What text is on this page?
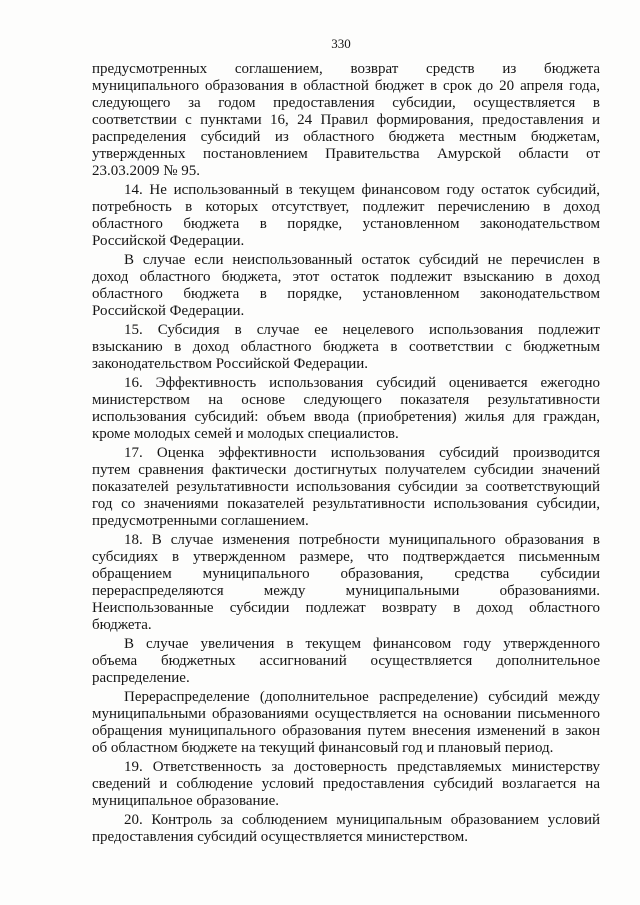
330
предусмотренных соглашением, возврат средств из бюджета
муниципального образования в областной бюджет в срок до 20 апреля года,
следующего за годом предоставления субсидии, осуществляется в
соответствии с пунктами 16, 24 Правил формирования, предоставления и
распределения субсидий из областного бюджета местным бюджетам,
утвержденных постановлением Правительства Амурской области от
23.03.2009 № 95.
14. Не использованный в текущем финансовом году остаток субсидий,
потребность в которых отсутствует, подлежит перечислению в доход
областного бюджета в порядке, установленном законодательством
Российской Федерации.
В случае если неиспользованный остаток субсидий не перечислен в
доход областного бюджета, этот остаток подлежит взысканию в доход
областного бюджета в порядке, установленном законодательством
Российской Федерации.
15. Субсидия в случае ее нецелевого использования подлежит
взысканию в доход областного бюджета в соответствии с бюджетным
законодательством Российской Федерации.
16. Эффективность использования субсидий оценивается ежегодно
министерством на основе следующего показателя результативности
использования субсидий: объем ввода (приобретения) жилья для граждан,
кроме молодых семей и молодых специалистов.
17. Оценка эффективности использования субсидий производится
путем сравнения фактически достигнутых получателем субсидии значений
показателей результативности использования субсидии за соответствующий
год со значениями показателей результативности использования субсидии,
предусмотренными соглашением.
18. В случае изменения потребности муниципального образования в
субсидиях в утвержденном размере, что подтверждается письменным
обращением муниципального образования, средства субсидии
перераспределяются между муниципальными образованиями.
Неиспользованные субсидии подлежат возврату в доход областного
бюджета.
В случае увеличения в текущем финансовом году утвержденного
объема бюджетных ассигнований осуществляется дополнительное
распределение.
Перераспределение (дополнительное распределение) субсидий между
муниципальными образованиями осуществляется на основании письменного
обращения муниципального образования путем внесения изменений в закон
об областном бюджете на текущий финансовый год и плановый период.
19. Ответственность за достоверность представляемых министерству
сведений и соблюдение условий предоставления субсидий возлагается на
муниципальное образование.
20. Контроль за соблюдением муниципальным образованием условий
предоставления субсидий осуществляется министерством.
